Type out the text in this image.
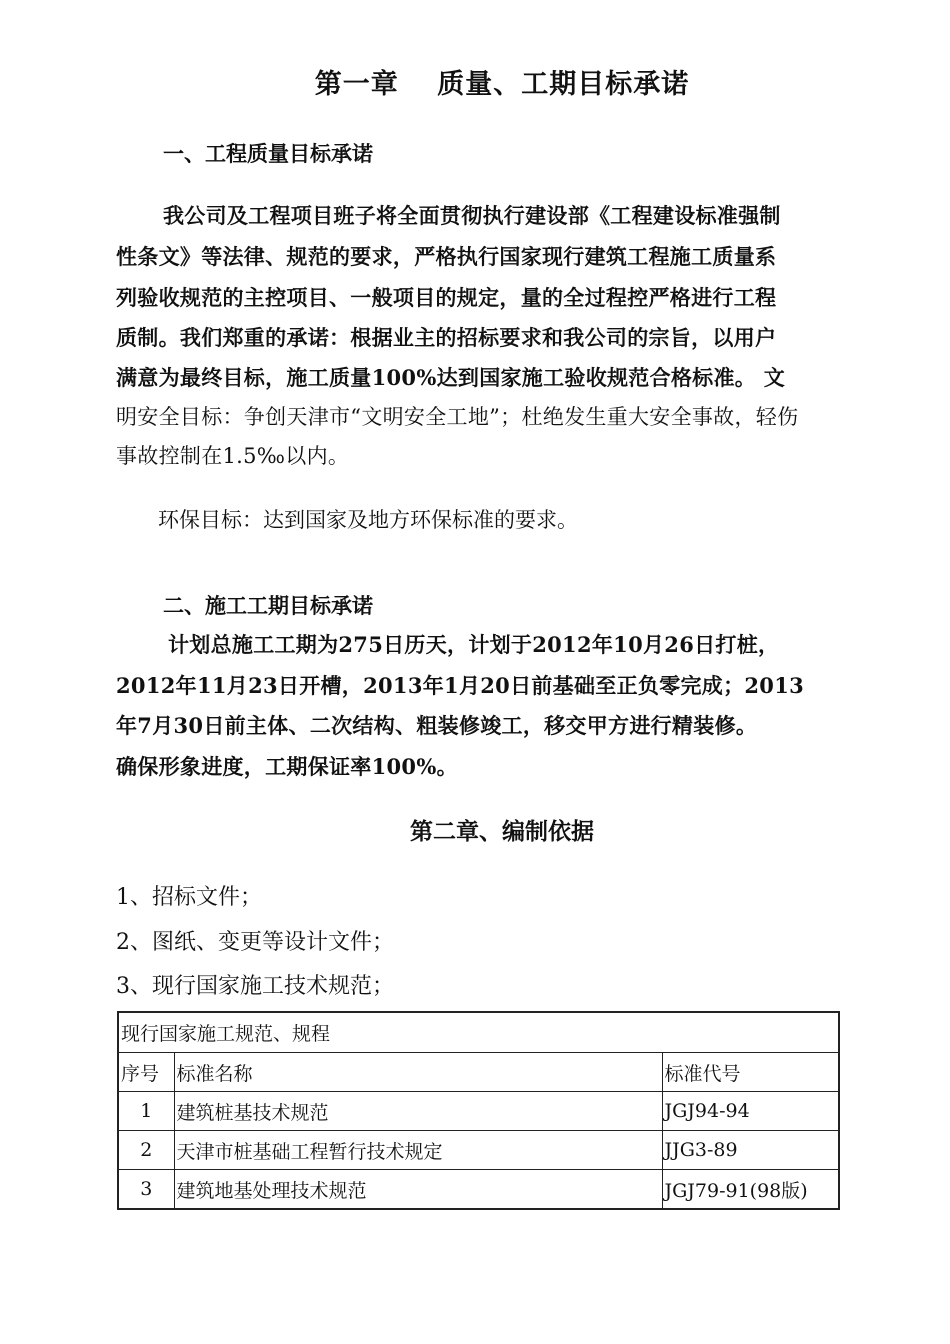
第一章　 质量、工期目标承诺
一、工程质量目标承诺
我公司及工程项目班子将全面贯彻执行建设部《工程建设标准强制
性条文》等法律、规范的要求，严格执行国家现行建筑工程施工质量系
列验收规范的主控项目、一般项目的规定，量的全过程控严格进行工程
质制。我们郑重的承诺：根据业主的招标要求和我公司的宗旨，以用户
满意为最终目标，施工质量100%达到国家施工验收规范合格标准。 文
明安全目标：争创天津市“文明安全工地”；杜绝发生重大安全事故，轻伤
事故控制在1.5‰以内。
环保目标：达到国家及地方环保标准的要求。
二、施工工期目标承诺
计划总施工工期为275日历天，计划于2012年10月26日打桩，
2012年11月23日开槽，2013年1月20日前基础至正负零完成；2013
年7月30日前主体、二次结构、粗装修竣工，移交甲方进行精装修。
确保形象进度，工期保证率100%。
第二章、编制依据
1、招标文件；
2、图纸、变更等设计文件；
3、现行国家施工技术规范；
现行国家施工规范、规程		
序号	标准名称	标准代号
1	建筑桩基技术规范	JGJ94-94
2	天津市桩基础工程暂行技术规定	JJG3-89
3	建筑地基处理技术规范	JGJ79-91(98版)
